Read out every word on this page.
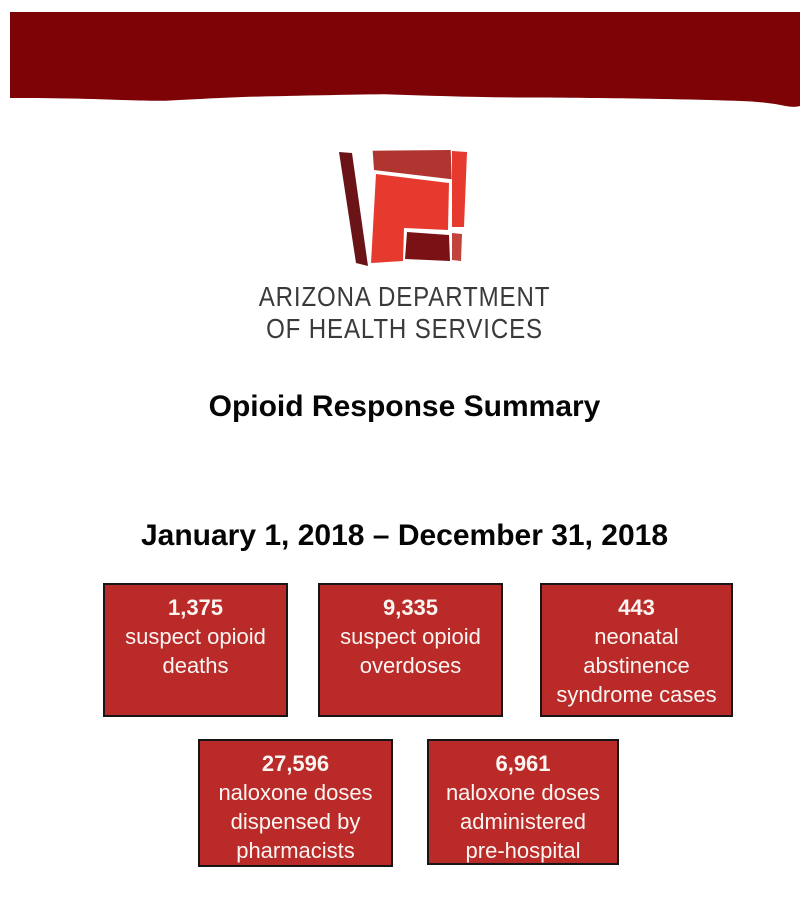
ARIZONA DEPARTMENT
OF HEALTH SERVICES
Opioid Response Summary
January 1, 2018 – December 31, 2018
1,375
suspect opioid
deaths
9,335
suspect opioid
overdoses
443
neonatal
abstinence
syndrome cases
27,596
naloxone doses
dispensed by
pharmacists
6,961
naloxone doses
administered
pre-hospital
